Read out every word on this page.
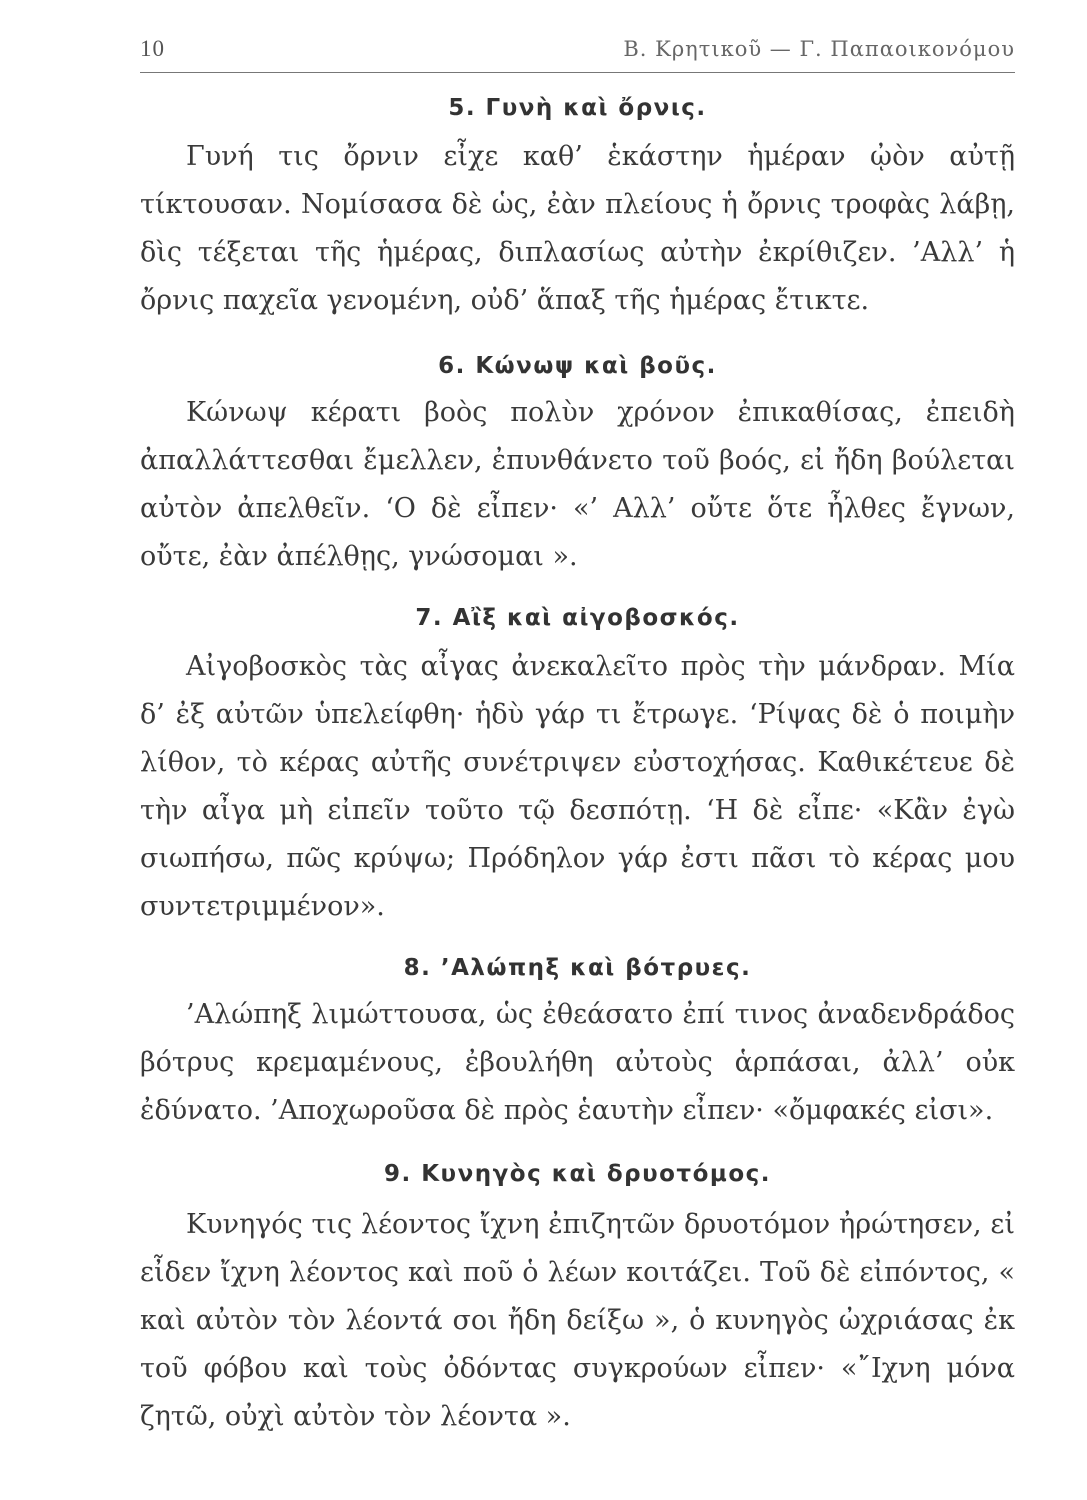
10	Β. Κρητικοῦ — Γ. Παπαοικονόμου
5. Γυνὴ καὶ ὄρνις.

Γυνή τις ὄρνιν εἶχε καθ’ ἑκάστην ἡμέραν ᾠὸν αὐτῇ τίκτουσαν. Νομίσασα δὲ ὡς, ἐὰν πλείους ἡ ὄρνις τροφὰς λάβῃ, δὶς τέξεται τῆς ἡμέρας, διπλασίως αὐτὴν ἐκρίθιζεν. ’Αλλ’ ἡ ὄρνις παχεῖα γενομένη, οὐδ’ ἅπαξ τῆς ἡμέρας ἔτικτε.

6. Κώνωψ καὶ βοῦς.

Κώνωψ κέρατι βοὸς πολὺν χρόνον ἐπικαθίσας, ἐπειδὴ ἀπαλλάττεσθαι ἔμελλεν, ἐπυνθάνετο τοῦ βοός, εἰ ἤδη βούλεται αὐτὸν ἀπελθεῖν. ‘Ο δὲ εἶπεν· «’ Αλλ’ οὔτε ὅτε ἦλθες ἔγνων, οὔτε, ἐὰν ἀπέλθῃς, γνώσομαι ».

7. Αἲξ καὶ αἰγοβοσκός.

Αἰγοβοσκὸς τὰς αἶγας ἀνεκαλεῖτο πρὸς τὴν μάνδραν. Μία δ’ ἐξ αὐτῶν ὑπελείφθη· ἡδὺ γάρ τι ἔτρωγε. ‘Ρίψας δὲ ὁ ποιμὴν λίθον, τὸ κέρας αὐτῆς συνέτριψεν εὐστοχήσας. Καθικέτευε δὲ τὴν αἶγα μὴ εἰπεῖν τοῦτο τῷ δεσπότῃ. ‘Η δὲ εἶπε· «Κἂν ἐγὼ σιωπήσω, πῶς κρύψω; Πρόδηλον γάρ ἐστι πᾶσι τὸ κέρας μου συντετριμμένον».

8. ’Αλώπηξ καὶ βότρυες.

’Αλώπηξ λιμώττουσα, ὡς ἐθεάσατο ἐπί τινος ἀναδενδράδος βότρυς κρεμαμένους, ἐβουλήθη αὐτοὺς ἁρπάσαι, ἀλλ’ οὐκ ἐδύνατο. ’Αποχωροῦσα δὲ πρὸς ἑαυτὴν εἶπεν· «ὄμφακές εἰσι».

9. Κυνηγὸς καὶ δρυοτόμος.

Κυνηγός τις λέοντος ἴχνη ἐπιζητῶν δρυοτόμον ἠρώτησεν, εἰ εἶδεν ἴχνη λέοντος καὶ ποῦ ὁ λέων κοιτάζει. Τοῦ δὲ εἰπόντος, « καὶ αὐτὸν τὸν λέοντά σοι ἤδη δείξω », ὁ κυνηγὸς ὠχριάσας ἐκ τοῦ φόβου καὶ τοὺς ὀδόντας συγκρούων εἶπεν· «῎Ιχνη μόνα ζητῶ, οὐχὶ αὐτὸν τὸν λέοντα ».
